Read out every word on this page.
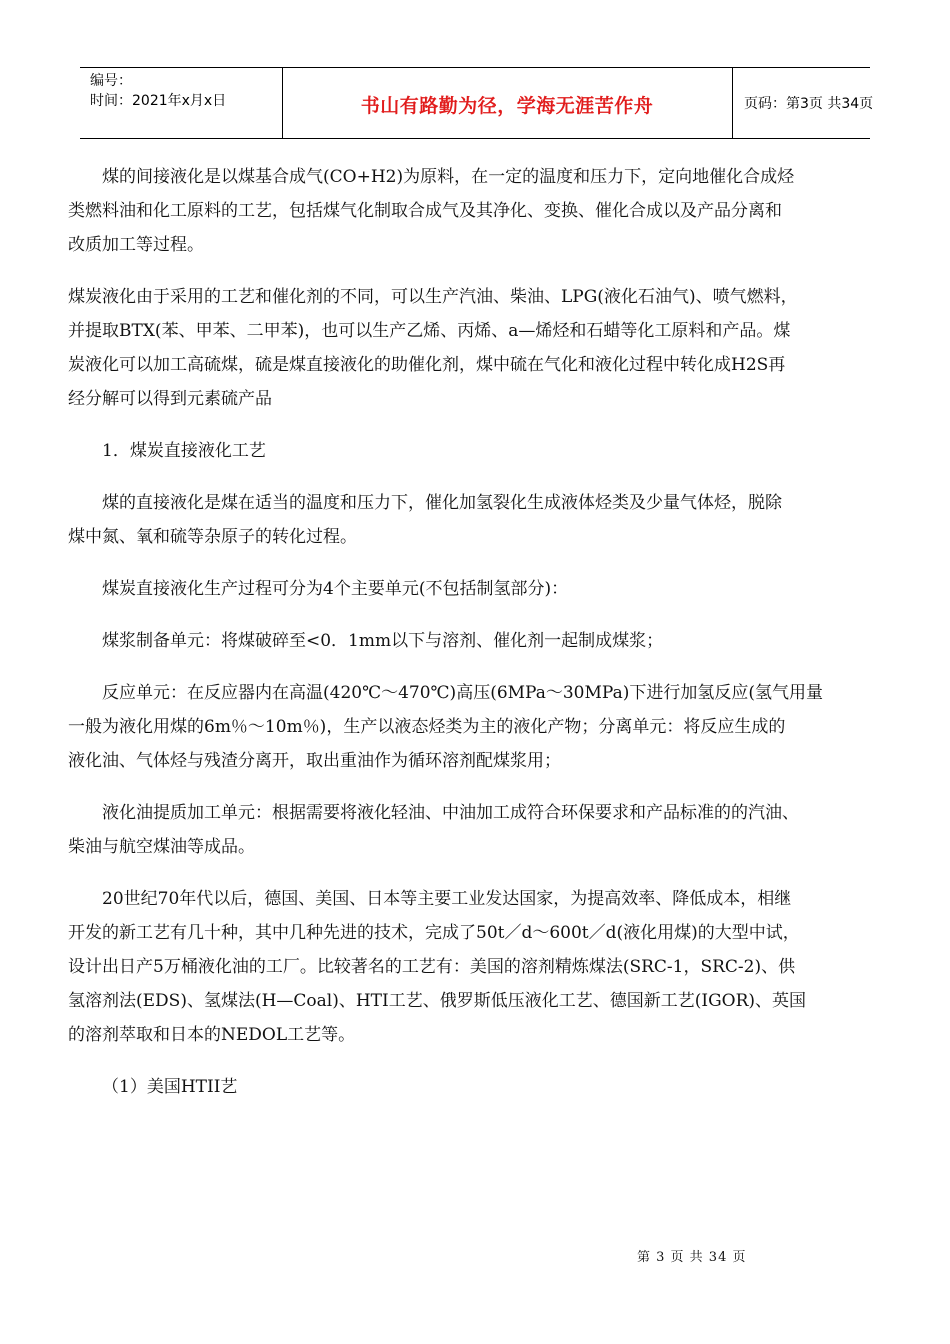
编号：
时间：2021年x月x日	书山有路勤为径，学海无涯苦作舟	页码：第3页 共34页
煤的间接液化是以煤基合成气(CO+H2)为原料，在一定的温度和压力下，定向地催化合成烃
类燃料油和化工原料的工艺，包括煤气化制取合成气及其净化、变换、催化合成以及产品分离和
改质加工等过程。
煤炭液化由于采用的工艺和催化剂的不同，可以生产汽油、柴油、LPG(液化石油气)、喷气燃料，
并提取BTX(苯、甲苯、二甲苯)，也可以生产乙烯、丙烯、a—烯烃和石蜡等化工原料和产品。煤
炭液化可以加工高硫煤，硫是煤直接液化的助催化剂，煤中硫在气化和液化过程中转化成H2S再
经分解可以得到元素硫产品
1．煤炭直接液化工艺
煤的直接液化是煤在适当的温度和压力下，催化加氢裂化生成液体烃类及少量气体烃，脱除
煤中氮、氧和硫等杂原子的转化过程。
煤炭直接液化生产过程可分为4个主要单元(不包括制氢部分)：
煤浆制备单元：将煤破碎至<0．1mm以下与溶剂、催化剂一起制成煤浆；
反应单元：在反应器内在高温(420℃～470℃)高压(6MPa～30MPa)下进行加氢反应(氢气用量
一般为液化用煤的6m％～10m％)，生产以液态烃类为主的液化产物；分离单元：将反应生成的
液化油、气体烃与残渣分离开，取出重油作为循环溶剂配煤浆用；
液化油提质加工单元：根据需要将液化轻油、中油加工成符合环保要求和产品标准的的汽油、
柴油与航空煤油等成品。
20世纪70年代以后，德国、美国、日本等主要工业发达国家，为提高效率、降低成本，相继
开发的新工艺有几十种，其中几种先进的技术，完成了50t／d～600t／d(液化用煤)的大型中试，
设计出日产5万桶液化油的工厂。比较著名的工艺有：美国的溶剂精炼煤法(SRC-1，SRC-2)、供
氢溶剂法(EDS)、氢煤法(H—Coal)、HTI工艺、俄罗斯低压液化工艺、德国新工艺(IGOR)、英国
的溶剂萃取和日本的NEDOL工艺等。
（1）美国HTII艺
第 3 页 共 34 页
